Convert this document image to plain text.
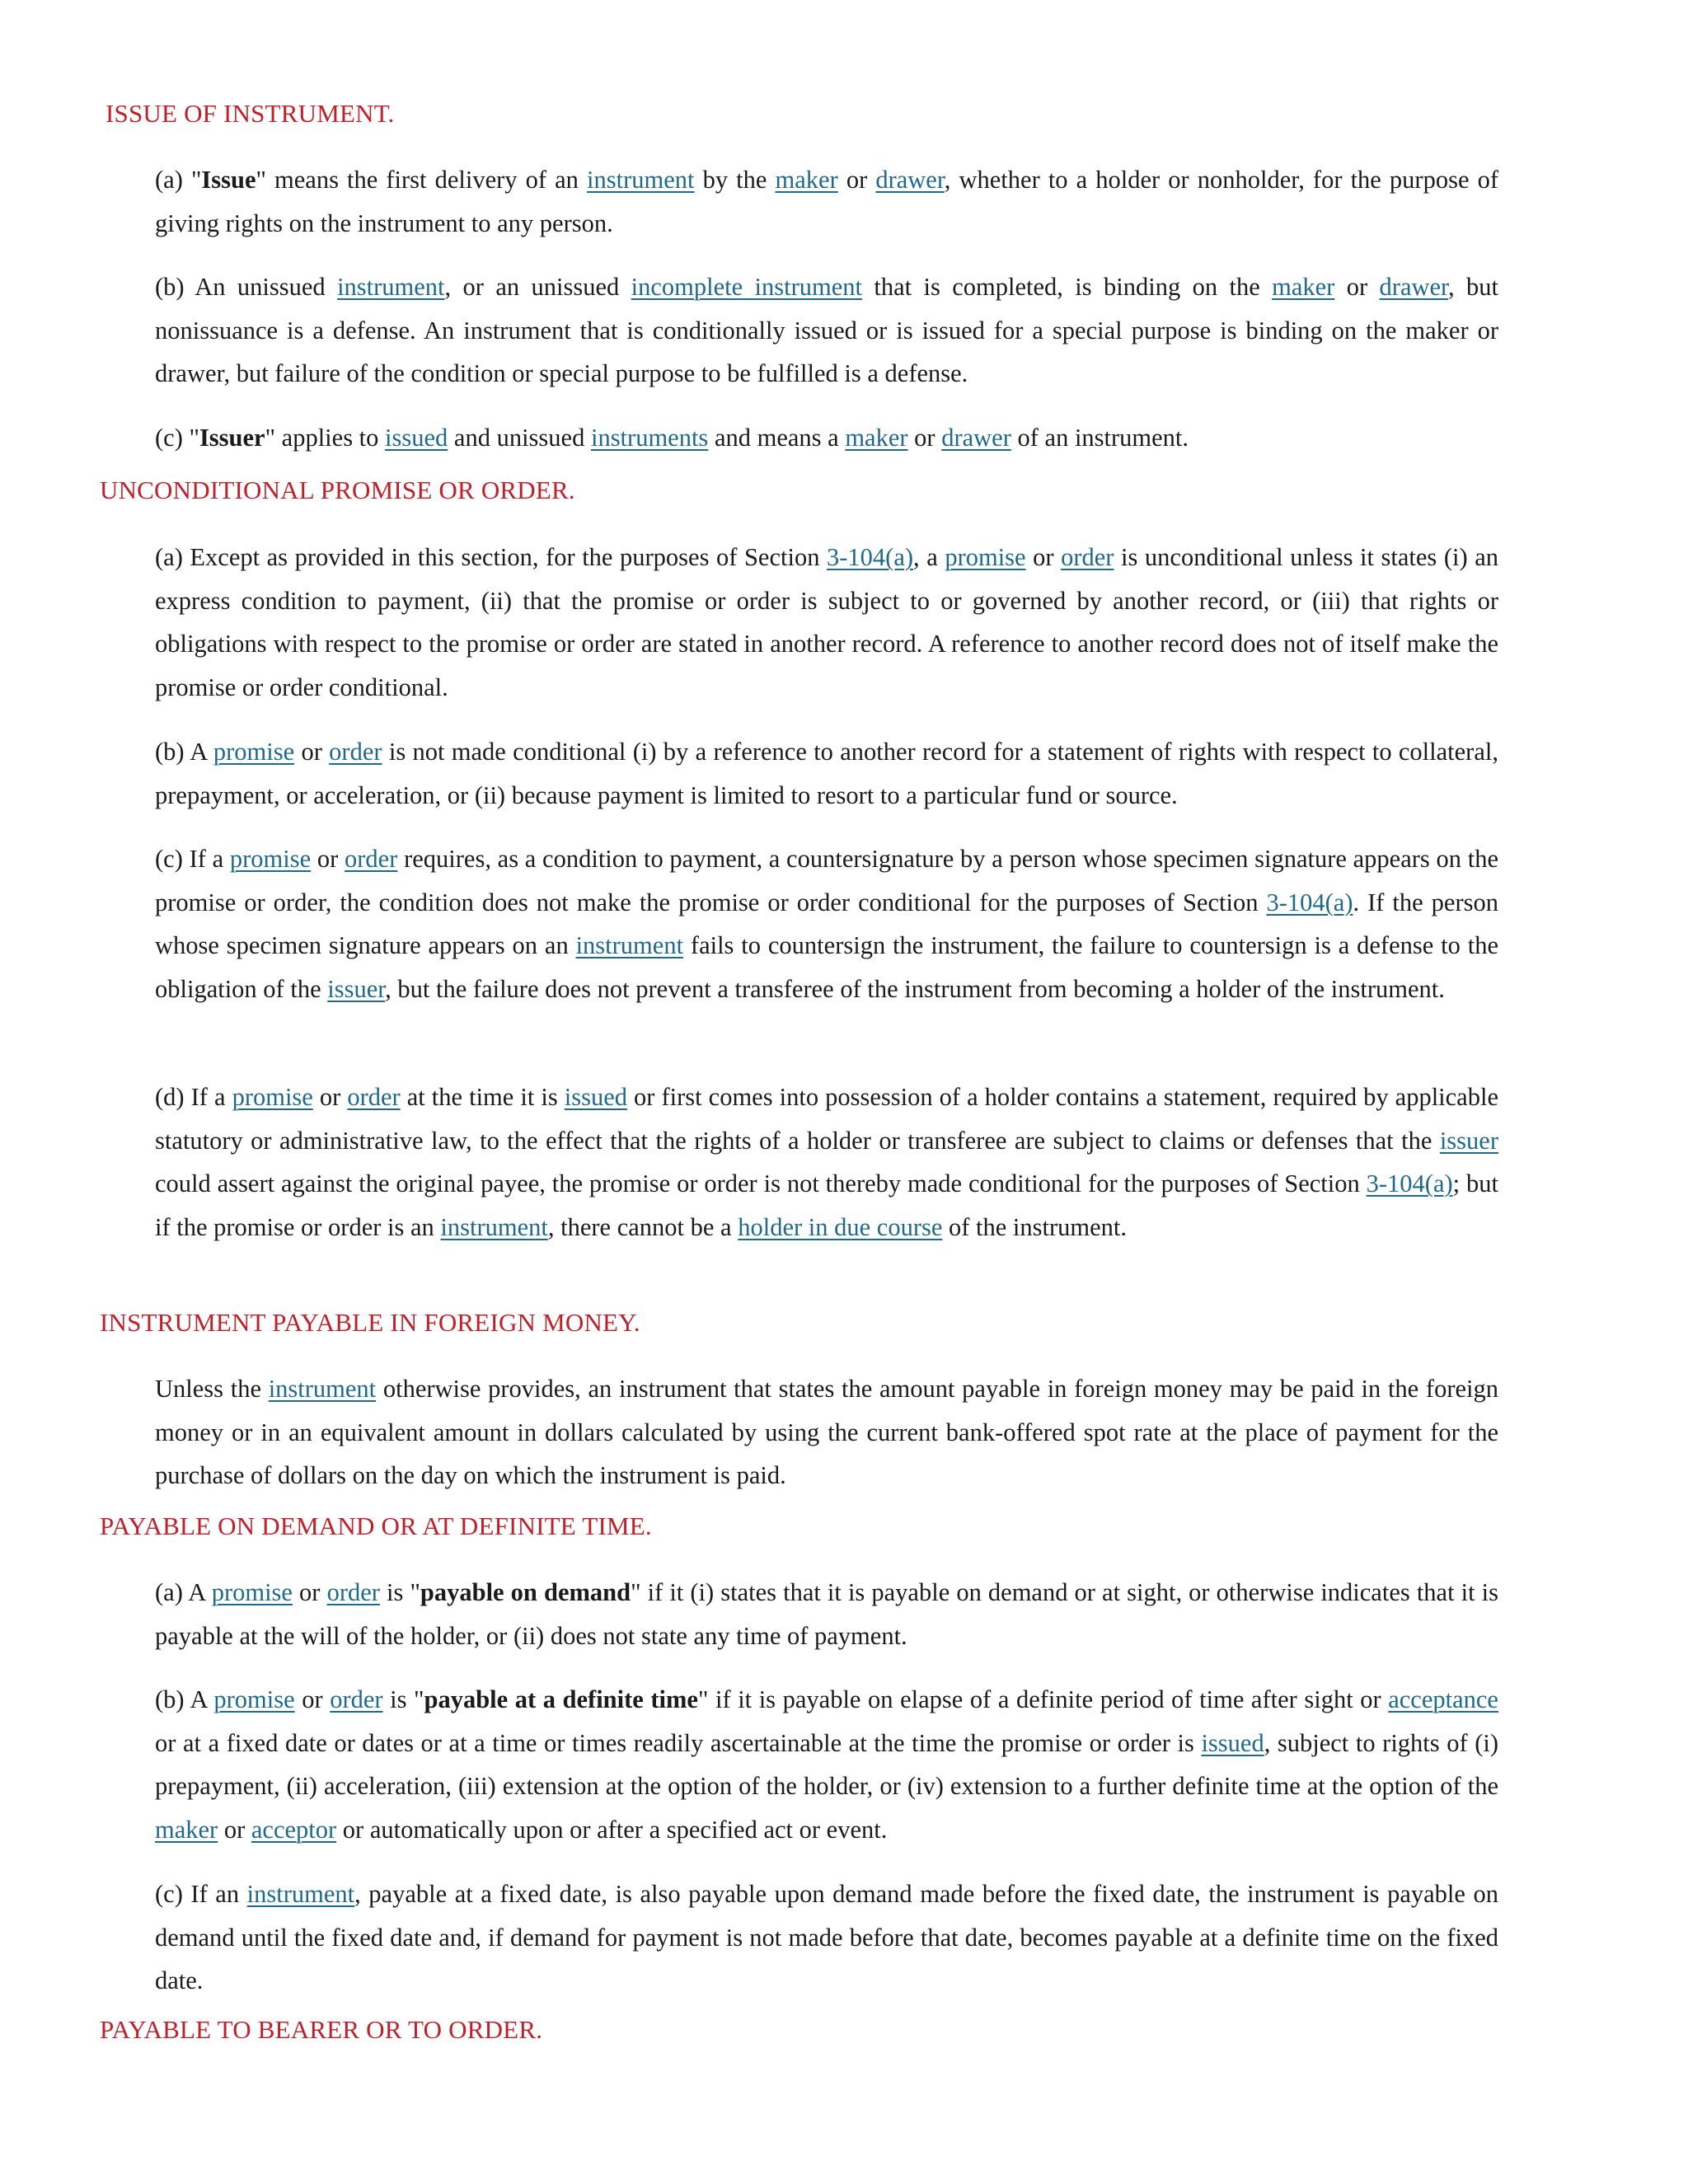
ISSUE OF INSTRUMENT.
(a) "Issue" means the first delivery of an instrument by the maker or drawer, whether to a holder or nonholder, for the purpose of giving rights on the instrument to any person.
(b) An unissued instrument, or an unissued incomplete instrument that is completed, is binding on the maker or drawer, but nonissuance is a defense. An instrument that is conditionally issued or is issued for a special purpose is binding on the maker or drawer, but failure of the condition or special purpose to be fulfilled is a defense.
(c) "Issuer" applies to issued and unissued instruments and means a maker or drawer of an instrument.
UNCONDITIONAL PROMISE OR ORDER.
(a) Except as provided in this section, for the purposes of Section 3-104(a), a promise or order is unconditional unless it states (i) an express condition to payment, (ii) that the promise or order is subject to or governed by another record, or (iii) that rights or obligations with respect to the promise or order are stated in another record. A reference to another record does not of itself make the promise or order conditional.
(b) A promise or order is not made conditional (i) by a reference to another record for a statement of rights with respect to collateral, prepayment, or acceleration, or (ii) because payment is limited to resort to a particular fund or source.
(c) If a promise or order requires, as a condition to payment, a countersignature by a person whose specimen signature appears on the promise or order, the condition does not make the promise or order conditional for the purposes of Section 3-104(a). If the person whose specimen signature appears on an instrument fails to countersign the instrument, the failure to countersign is a defense to the obligation of the issuer, but the failure does not prevent a transferee of the instrument from becoming a holder of the instrument.
(d) If a promise or order at the time it is issued or first comes into possession of a holder contains a statement, required by applicable statutory or administrative law, to the effect that the rights of a holder or transferee are subject to claims or defenses that the issuer could assert against the original payee, the promise or order is not thereby made conditional for the purposes of Section 3-104(a); but if the promise or order is an instrument, there cannot be a holder in due course of the instrument.
INSTRUMENT PAYABLE IN FOREIGN MONEY.
Unless the instrument otherwise provides, an instrument that states the amount payable in foreign money may be paid in the foreign money or in an equivalent amount in dollars calculated by using the current bank-offered spot rate at the place of payment for the purchase of dollars on the day on which the instrument is paid.
PAYABLE ON DEMAND OR AT DEFINITE TIME.
(a) A promise or order is "payable on demand" if it (i) states that it is payable on demand or at sight, or otherwise indicates that it is payable at the will of the holder, or (ii) does not state any time of payment.
(b) A promise or order is "payable at a definite time" if it is payable on elapse of a definite period of time after sight or acceptance or at a fixed date or dates or at a time or times readily ascertainable at the time the promise or order is issued, subject to rights of (i) prepayment, (ii) acceleration, (iii) extension at the option of the holder, or (iv) extension to a further definite time at the option of the maker or acceptor or automatically upon or after a specified act or event.
(c) If an instrument, payable at a fixed date, is also payable upon demand made before the fixed date, the instrument is payable on demand until the fixed date and, if demand for payment is not made before that date, becomes payable at a definite time on the fixed date.
PAYABLE TO BEARER OR TO ORDER.
